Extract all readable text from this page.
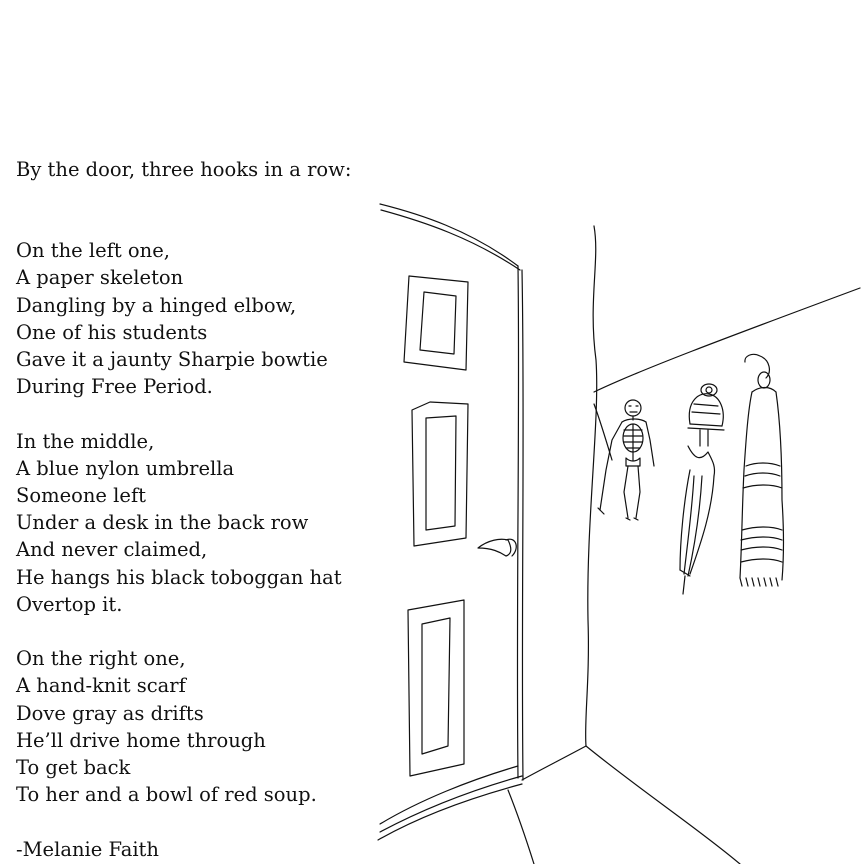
By the door, three hooks in a row:
On the left one,
A paper skeleton
Dangling by a hinged elbow,
One of his students
Gave it a jaunty Sharpie bowtie
During Free Period.
In the middle,
A blue nylon umbrella
Someone left
Under a desk in the back row
And never claimed,
He hangs his black toboggan hat
Overtop it.
On the right one,
A hand-knit scarf
Dove gray as drifts
He’ll drive home through
To get back
To her and a bowl of red soup.
-Melanie Faith
